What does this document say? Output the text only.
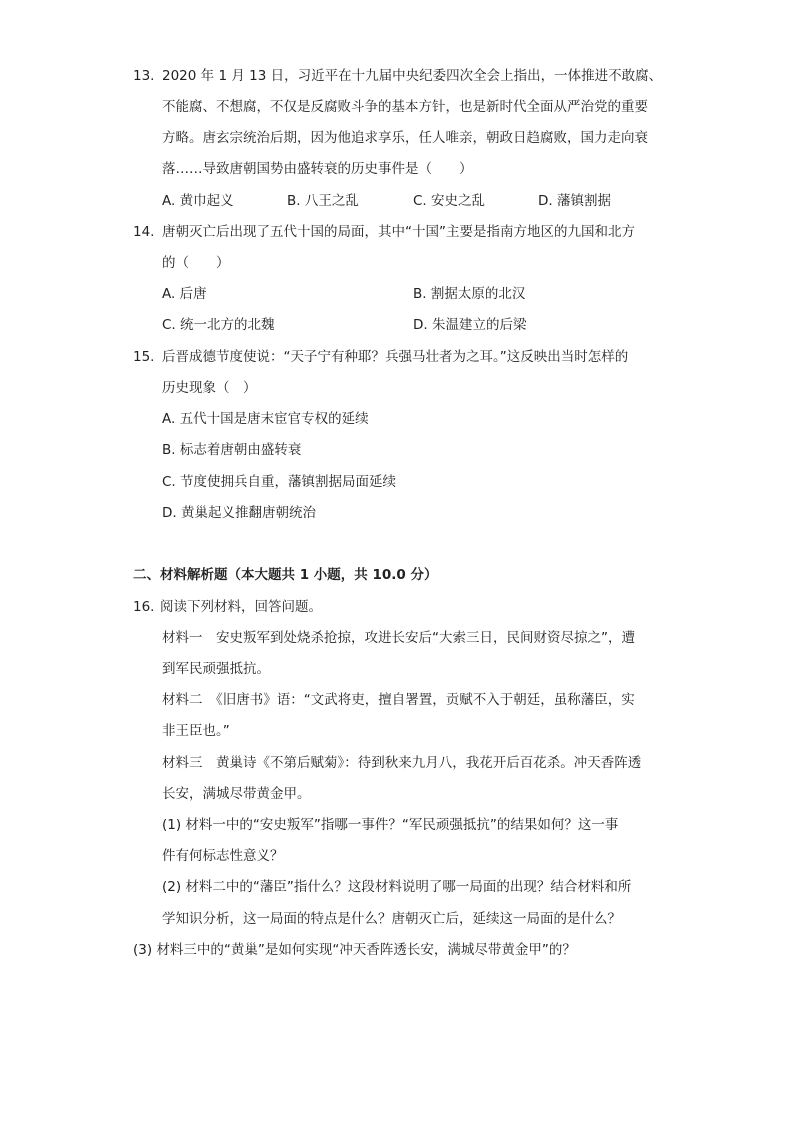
13. 2020 年 1 月 13 日，习近平在十九届中央纪委四次全会上指出，一体推进不敢腐、
不能腐、不想腐，不仅是反腐败斗争的基本方针，也是新时代全面从严治党的重要
方略。唐玄宗统治后期，因为他追求享乐，任人唯亲，朝政日趋腐败，国力走向衰
落……导致唐朝国势由盛转衰的历史事件是（　　）
A. 黄巾起义	B. 八王之乱	C. 安史之乱	D. 藩镇割据
14. 唐朝灭亡后出现了五代十国的局面，其中“十国”主要是指南方地区的九国和北方
的（　　）
A. 后唐	B. 割据太原的北汉
C. 统一北方的北魏	D. 朱温建立的后梁
15. 后晋成德节度使说：“天子宁有种耶？兵强马壮者为之耳。”这反映出当时怎样的
历史现象（　）
A. 五代十国是唐末宦官专权的延续
B. 标志着唐朝由盛转衰
C. 节度使拥兵自重，藩镇割据局面延续
D. 黄巢起义推翻唐朝统治
二、材料解析题（本大题共 1 小题，共 10.0 分）
16. 阅读下列材料，回答问题。
材料一　安史叛军到处烧杀抢掠，攻进长安后“大索三日，民间财资尽掠之”，遭
到军民顽强抵抗。
材料二　《旧唐书》语：“文武将吏，擅自署置，贡赋不入于朝廷，虽称藩臣，实
非王臣也。”
材料三　黄巢诗《不第后赋菊》：待到秋来九月八，我花开后百花杀。冲天香阵透
长安，满城尽带黄金甲。
(1) 材料一中的“安史叛军”指哪一事件？“军民顽强抵抗”的结果如何？这一事
件有何标志性意义？
(2) 材料二中的“藩臣”指什么？这段材料说明了哪一局面的出现？结合材料和所
学知识分析，这一局面的特点是什么？唐朝灭亡后，延续这一局面的是什么？
(3) 材料三中的“黄巢”是如何实现“冲天香阵透长安，满城尽带黄金甲”的？
